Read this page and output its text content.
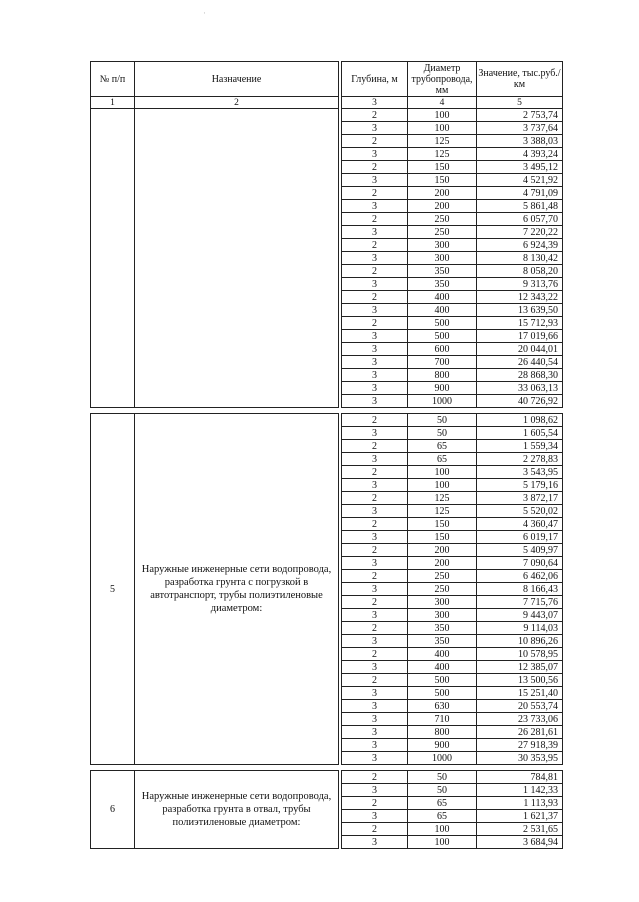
·
№ п/п	Назначение		Глубина, м	Диаметр трубопровода, мм	Значение, тыс.руб./км
1	2		3	4	5
			2	100	2 753,74
			3	100	3 737,64
			2	125	3 388,03
			3	125	4 393,24
			2	150	3 495,12
			3	150	4 521,92
			2	200	4 791,09
			3	200	5 861,48
			2	250	6 057,70
			3	250	7 220,22
			2	300	6 924,39
			3	300	8 130,42
			2	350	8 058,20
			3	350	9 313,76
			2	400	12 343,22
			3	400	13 639,50
			2	500	15 712,93
			3	500	17 019,66
			3	600	20 044,01
			3	700	26 440,54
			3	800	28 868,30
			3	900	33 063,13
			3	1000	40 726,92

5	Наружные инженерные сети водопровода, разработка грунта с погрузкой в автотранспорт, трубы полиэтиленовые диаметром:		2	50	1 098,62
			3	50	1 605,54
			2	65	1 559,34
			3	65	2 278,83
			2	100	3 543,95
			3	100	5 179,16
			2	125	3 872,17
			3	125	5 520,02
			2	150	4 360,47
			3	150	6 019,17
			2	200	5 409,97
			3	200	7 090,64
			2	250	6 462,06
			3	250	8 166,43
			2	300	7 715,76
			3	300	9 443,07
			2	350	9 114,03
			3	350	10 896,26
			2	400	10 578,95
			3	400	12 385,07
			2	500	13 500,56
			3	500	15 251,40
			3	630	20 553,74
			3	710	23 733,06
			3	800	26 281,61
			3	900	27 918,39
			3	1000	30 353,95

6	Наружные инженерные сети водопровода, разработка грунта в отвал, трубы полиэтиленовые диаметром:		2	50	784,81
			3	50	1 142,33
			2	65	1 113,93
			3	65	1 621,37
			2	100	2 531,65
			3	100	3 684,94
